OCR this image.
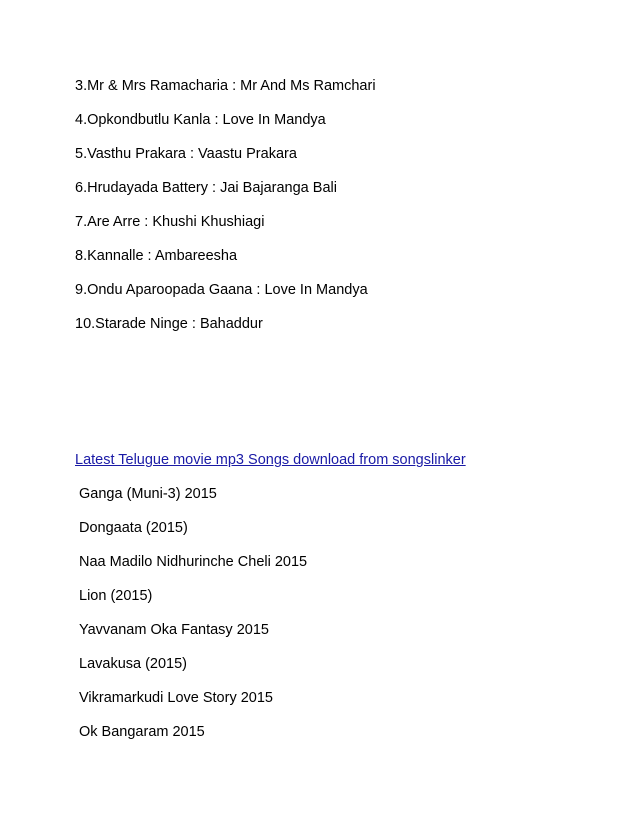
3.Mr & Mrs Ramacharia : Mr And Ms Ramchari
4.Opkondbutlu Kanla : Love In Mandya
5.Vasthu Prakara : Vaastu Prakara
6.Hrudayada Battery : Jai Bajaranga Bali
7.Are Arre : Khushi Khushiagi
8.Kannalle : Ambareesha
9.Ondu Aparoopada Gaana : Love In Mandya
10.Starade Ninge : Bahaddur
Latest Telugue movie mp3 Songs download from songslinker
Ganga (Muni-3) 2015
Dongaata (2015)
Naa Madilo Nidhurinche Cheli 2015
Lion (2015)
Yavvanam Oka Fantasy 2015
Lavakusa (2015)
Vikramarkudi Love Story 2015
Ok Bangaram 2015
